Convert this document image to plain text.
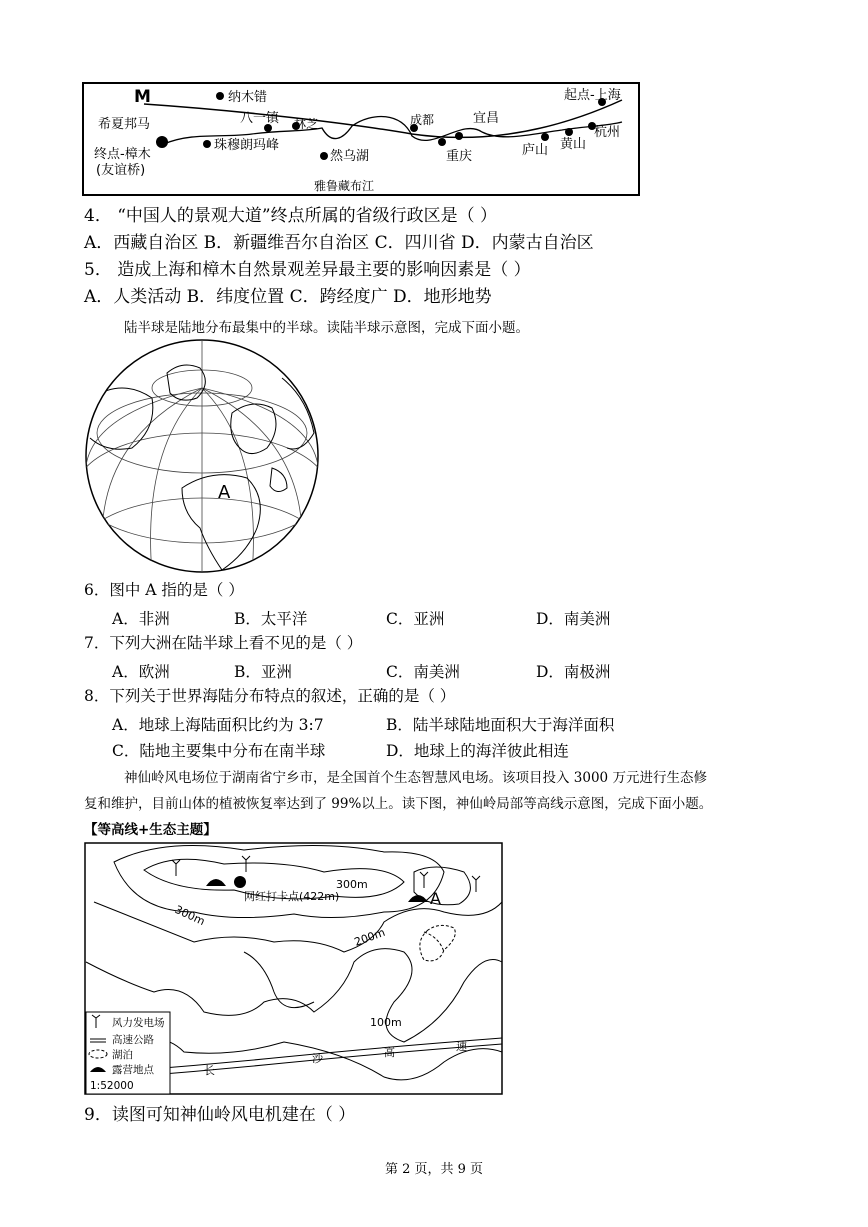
M	纳木错
八一镇 林芝	成都	宜昌
希夏邦马
珠穆朗玛峰
然乌湖	重庆	庐山 黄山
杭州
雅鲁藏布江
起点-上海
终点-樟木
(友谊桥)
4． “中国人的景观大道”终点所属的省级行政区是（ ）
A．西藏自治区 B．新疆维吾尔自治区 C．四川省 D．内蒙古自治区
5． 造成上海和樟木自然景观差异最主要的影响因素是（ ）
A．人类活动 B．纬度位置 C．跨经度广 D．地形地势
陆半球是陆地分布最集中的半球。读陆半球示意图，完成下面小题。
A
6．图中 A 指的是（ ）
A．非洲	B．太平洋	C．亚洲	D．南美洲
7．下列大洲在陆半球上看不见的是（ ）
A．欧洲	B．亚洲	C．南美洲	D．南极洲
8．下列关于世界海陆分布特点的叙述，正确的是（ ）
A．地球上海陆面积比约为 3:7	B．陆半球陆地面积大于海洋面积
C．陆地主要集中分布在南半球	D．地球上的海洋彼此相连
神仙岭风电场位于湖南省宁乡市，是全国首个生态智慧风电场。该项目投入 3000 万元进行生态修
复和维护，目前山体的植被恢复率达到了 99%以上。读下图，神仙岭局部等高线示意图，完成下面小题。
【等高线+生态主题】
A
网红打卡点(422m)
300m
300m
200m
100m
长
沙	高	速
风力发电场
高速公路
湖泊
露营地点
1:52000
9．读图可知神仙岭风电机建在（ ）
第 2 页，共 9 页
